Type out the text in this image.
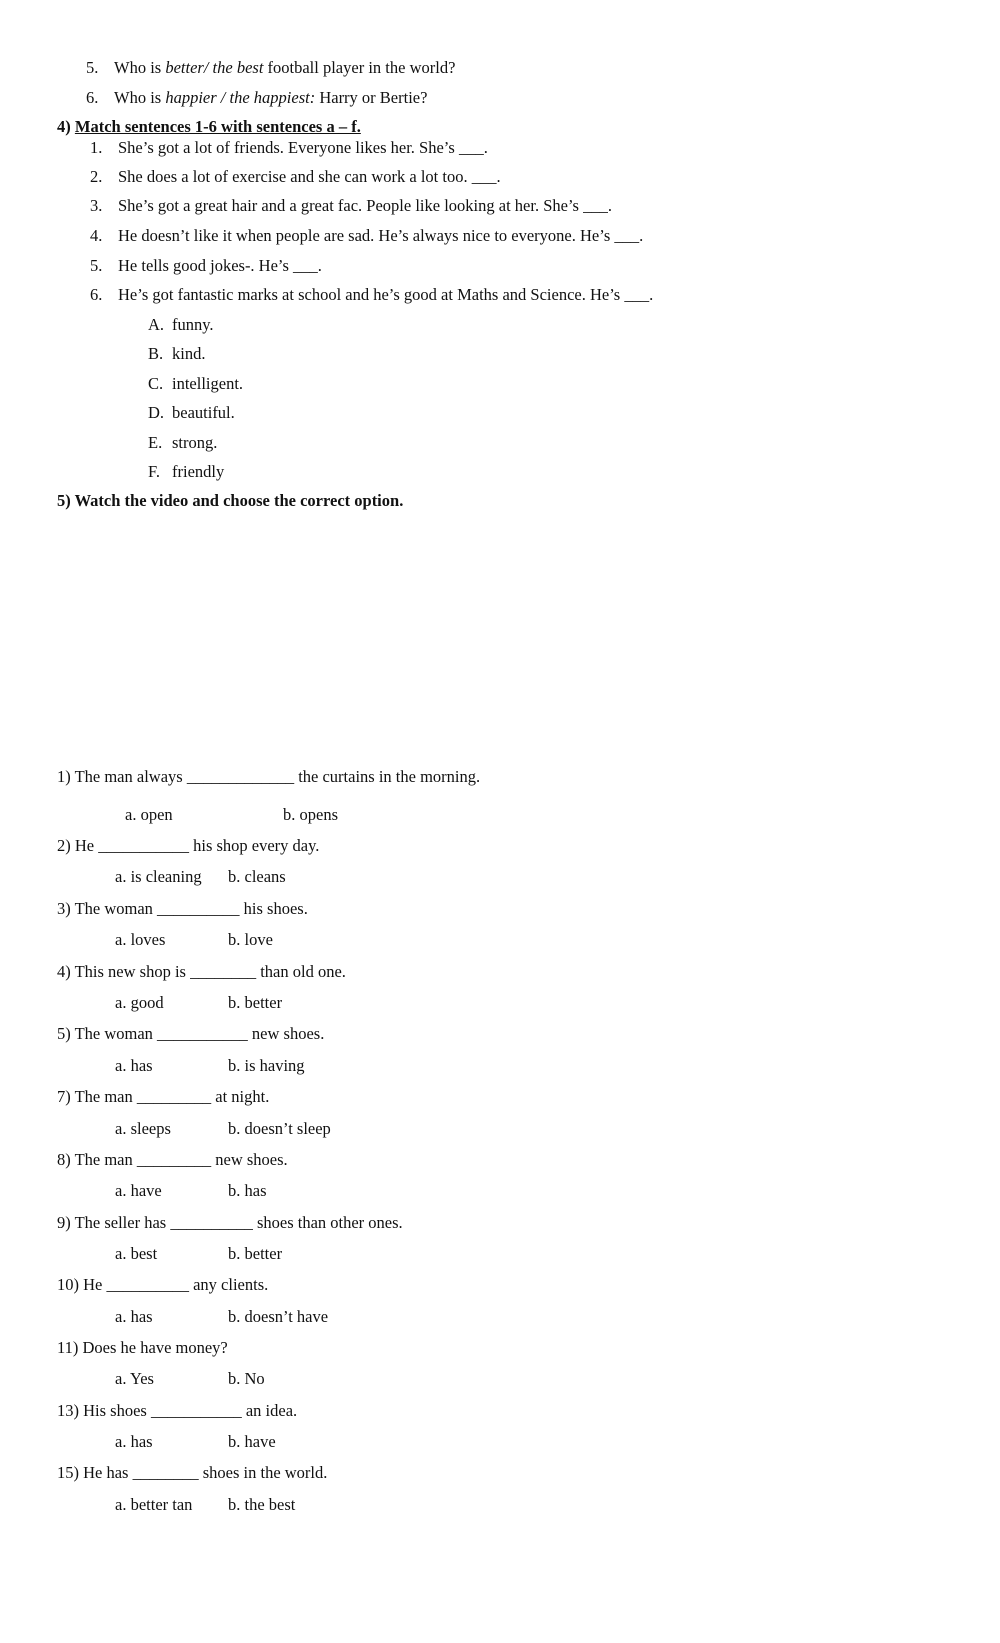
5. Who is better/ the best football player in the world?
6. Who is happier / the happiest: Harry or Bertie?
4) Match sentences 1-6 with sentences a – f.
1. She’s got a lot of friends. Everyone likes her. She’s ___.
2. She does a lot of exercise and she can work a lot too. ___.
3. She’s got a great hair and a great fac. People like looking at her. She’s ___.
4. He doesn’t like it when people are sad. He’s always nice to everyone. He’s ___.
5. He tells good jokes-. He’s ___.
6. He’s got fantastic marks at school and he’s good at Maths and Science. He’s ___.
A. funny.
B. kind.
C. intelligent.
D. beautiful.
E. strong.
F. friendly
5) Watch the video and choose the correct option.
1) The man always _____________ the curtains in the morning.
a. open	b. opens
2) He ___________ his shop every day.
a. is cleaning b. cleans
3) The woman __________ his shoes.
a. loves	b. love
4) This new shop is ________ than old one.
a. good	b. better
5) The woman ___________ new shoes.
a. has	b. is having
7) The man _________ at night.
a. sleeps	b. doesn’t sleep
8) The man _________ new shoes.
a. have	b. has
9) The seller has __________ shoes than other ones.
a. best	b. better
10) He __________ any clients.
a. has	b. doesn’t have
11) Does he have money?
a. Yes	b. No
13) His shoes ___________ an idea.
a. has	b. have
15) He has ________ shoes in the world.
a. better tan b. the best
